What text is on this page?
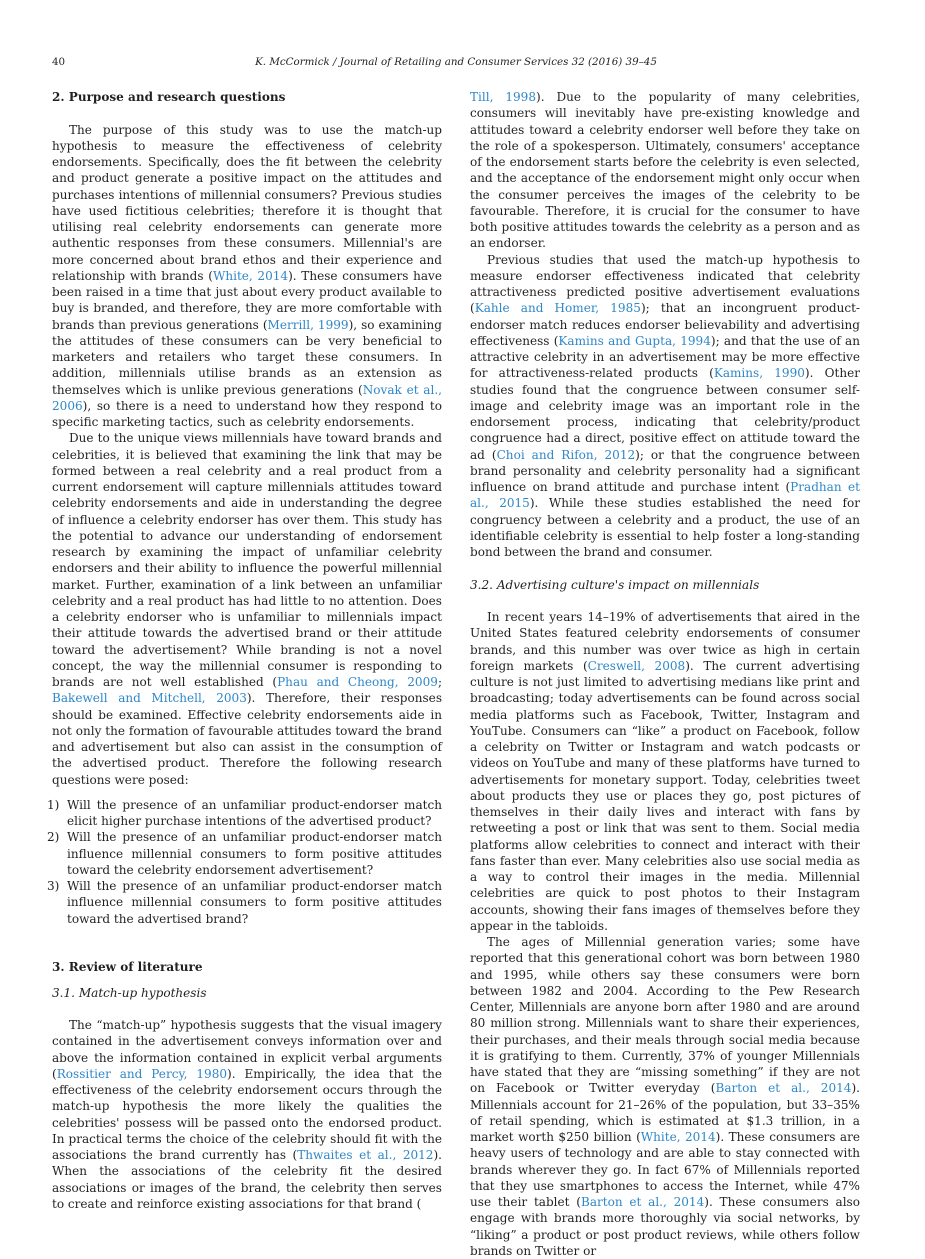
40	K. McCormick / Journal of Retailing and Consumer Services 32 (2016) 39–45
2. Purpose and research questions

The purpose of this study was to use the match-up hypothesis to measure the effectiveness of celebrity endorsements. Specifically, does the fit between the celebrity and product generate a positive impact on the attitudes and purchases intentions of millennial consumers? Previous studies have used fictitious celebrities; therefore it is thought that utilising real celebrity endorsements can generate more authentic responses from these consumers. Millennial's are more concerned about brand ethos and their experience and relationship with brands (White, 2014). These consumers have been raised in a time that just about every product available to buy is branded, and therefore, they are more comfortable with brands than previous generations (Merrill, 1999), so examining the attitudes of these consumers can be very beneficial to marketers and retailers who target these consumers. In addition, millennials utilise brands as an extension as themselves which is unlike previous generations (Novak et al., 2006), so there is a need to understand how they respond to specific marketing tactics, such as celebrity endorsements.

Due to the unique views millennials have toward brands and celebrities, it is believed that examining the link that may be formed between a real celebrity and a real product from a current endorsement will capture millennials attitudes toward celebrity endorsements and aide in understanding the degree of influence a celebrity endorser has over them. This study has the potential to advance our understanding of endorsement research by examining the impact of unfamiliar celebrity endorsers and their ability to influence the powerful millennial market. Further, examination of a link between an unfamiliar celebrity and a real product has had little to no attention. Does a celebrity endorser who is unfamiliar to millennials impact their attitude towards the advertised brand or their attitude toward the advertisement? While branding is not a novel concept, the way the millennial consumer is responding to brands are not well established (Phau and Cheong, 2009; Bakewell and Mitchell, 2003). Therefore, their responses should be examined. Effective celebrity endorsements aide in not only the formation of favourable attitudes toward the brand and advertisement but also can assist in the consumption of the advertised product. Therefore the following research questions were posed:

1) Will the presence of an unfamiliar product-endorser match elicit higher purchase intentions of the advertised product?
2) Will the presence of an unfamiliar product-endorser match influence millennial consumers to form positive attitudes toward the celebrity endorsement advertisement?
3) Will the presence of an unfamiliar product-endorser match influence millennial consumers to form positive attitudes toward the advertised brand?
3. Review of literature
3.1. Match-up hypothesis

The “match-up” hypothesis suggests that the visual imagery contained in the advertisement conveys information over and above the information contained in explicit verbal arguments (Rossitier and Percy, 1980). Empirically, the idea that the effectiveness of the celebrity endorsement occurs through the match-up hypothesis the more likely the qualities the celebrities' possess will be passed onto the endorsed product. In practical terms the choice of the celebrity should fit with the associations the brand currently has (Thwaites et al., 2012). When the associations of the celebrity fit the desired associations or images of the brand, the celebrity then serves to create and reinforce existing associations for that brand (

Till, 1998). Due to the popularity of many celebrities, consumers will inevitably have pre-existing knowledge and attitudes toward a celebrity endorser well before they take on the role of a spokesperson. Ultimately, consumers' acceptance of the endorsement starts before the celebrity is even selected, and the acceptance of the endorsement might only occur when the consumer perceives the images of the celebrity to be favourable. Therefore, it is crucial for the consumer to have both positive attitudes towards the celebrity as a person and as an endorser.

Previous studies that used the match-up hypothesis to measure endorser effectiveness indicated that celebrity attractiveness predicted positive advertisement evaluations (Kahle and Homer, 1985); that an incongruent product-endorser match reduces endorser believability and advertising effectiveness (Kamins and Gupta, 1994); and that the use of an attractive celebrity in an advertisement may be more effective for attractiveness-related products (Kamins, 1990). Other studies found that the congruence between consumer self-image and celebrity image was an important role in the endorsement process, indicating that celebrity/product congruence had a direct, positive effect on attitude toward the ad (Choi and Rifon, 2012); or that the congruence between brand personality and celebrity personality had a significant influence on brand attitude and purchase intent (Pradhan et al., 2015). While these studies established the need for congruency between a celebrity and a product, the use of an identifiable celebrity is essential to help foster a long-standing bond between the brand and consumer.

3.2. Advertising culture's impact on millennials

In recent years 14–19% of advertisements that aired in the United States featured celebrity endorsements of consumer brands, and this number was over twice as high in certain foreign markets (Creswell, 2008). The current advertising culture is not just limited to advertising medians like print and broadcasting; today advertisements can be found across social media platforms such as Facebook, Twitter, Instagram and YouTube. Consumers can “like” a product on Facebook, follow a celebrity on Twitter or Instagram and watch podcasts or videos on YouTube and many of these platforms have turned to advertisements for monetary support. Today, celebrities tweet about products they use or places they go, post pictures of themselves in their daily lives and interact with fans by retweeting a post or link that was sent to them. Social media platforms allow celebrities to connect and interact with their fans faster than ever. Many celebrities also use social media as a way to control their images in the media. Millennial celebrities are quick to post photos to their Instagram accounts, showing their fans images of themselves before they appear in the tabloids.

The ages of Millennial generation varies; some have reported that this generational cohort was born between 1980 and 1995, while others say these consumers were born between 1982 and 2004. According to the Pew Research Center, Millennials are anyone born after 1980 and are around 80 million strong. Millennials want to share their experiences, their purchases, and their meals through social media because it is gratifying to them. Currently, 37% of younger Millennials have stated that they are “missing something” if they are not on Facebook or Twitter everyday (Barton et al., 2014). Millennials account for 21–26% of the population, but 33–35% of retail spending, which is estimated at $1.3 trillion, in a market worth $250 billion (White, 2014). These consumers are heavy users of technology and are able to stay connected with brands wherever they go. In fact 67% of Millennials reported that they use smartphones to access the Internet, while 47% use their tablet (Barton et al., 2014). These consumers also engage with brands more thoroughly via social networks, by “liking” a product or post product reviews, while others follow brands on Twitter or
